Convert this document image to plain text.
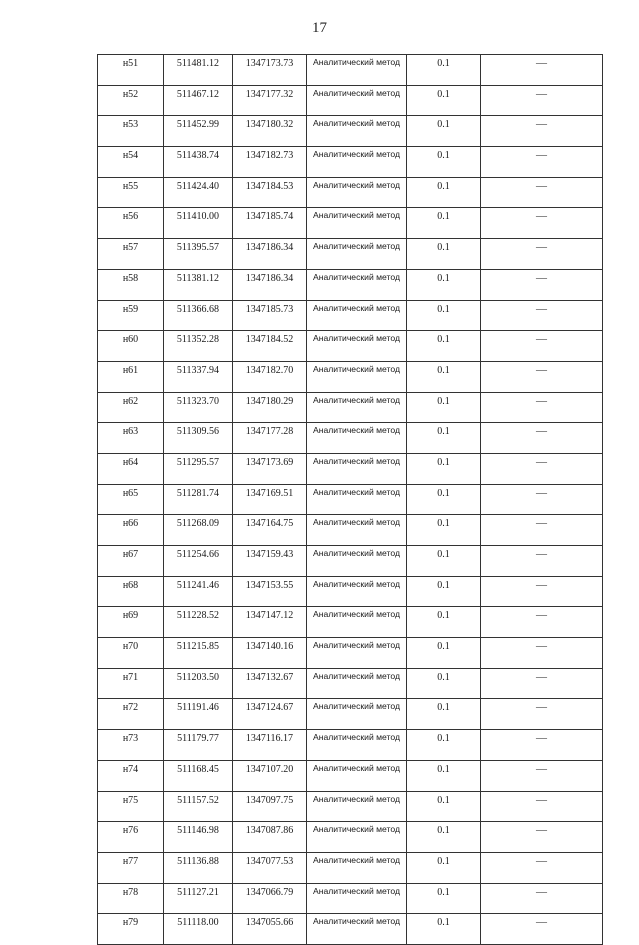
17
н51	511481.12	1347173.73	Аналитический метод	0.1	—
н52	511467.12	1347177.32	Аналитический метод	0.1	—
н53	511452.99	1347180.32	Аналитический метод	0.1	—
н54	511438.74	1347182.73	Аналитический метод	0.1	—
н55	511424.40	1347184.53	Аналитический метод	0.1	—
н56	511410.00	1347185.74	Аналитический метод	0.1	—
н57	511395.57	1347186.34	Аналитический метод	0.1	—
н58	511381.12	1347186.34	Аналитический метод	0.1	—
н59	511366.68	1347185.73	Аналитический метод	0.1	—
н60	511352.28	1347184.52	Аналитический метод	0.1	—
н61	511337.94	1347182.70	Аналитический метод	0.1	—
н62	511323.70	1347180.29	Аналитический метод	0.1	—
н63	511309.56	1347177.28	Аналитический метод	0.1	—
н64	511295.57	1347173.69	Аналитический метод	0.1	—
н65	511281.74	1347169.51	Аналитический метод	0.1	—
н66	511268.09	1347164.75	Аналитический метод	0.1	—
н67	511254.66	1347159.43	Аналитический метод	0.1	—
н68	511241.46	1347153.55	Аналитический метод	0.1	—
н69	511228.52	1347147.12	Аналитический метод	0.1	—
н70	511215.85	1347140.16	Аналитический метод	0.1	—
н71	511203.50	1347132.67	Аналитический метод	0.1	—
н72	511191.46	1347124.67	Аналитический метод	0.1	—
н73	511179.77	1347116.17	Аналитический метод	0.1	—
н74	511168.45	1347107.20	Аналитический метод	0.1	—
н75	511157.52	1347097.75	Аналитический метод	0.1	—
н76	511146.98	1347087.86	Аналитический метод	0.1	—
н77	511136.88	1347077.53	Аналитический метод	0.1	—
н78	511127.21	1347066.79	Аналитический метод	0.1	—
н79	511118.00	1347055.66	Аналитический метод	0.1	—
